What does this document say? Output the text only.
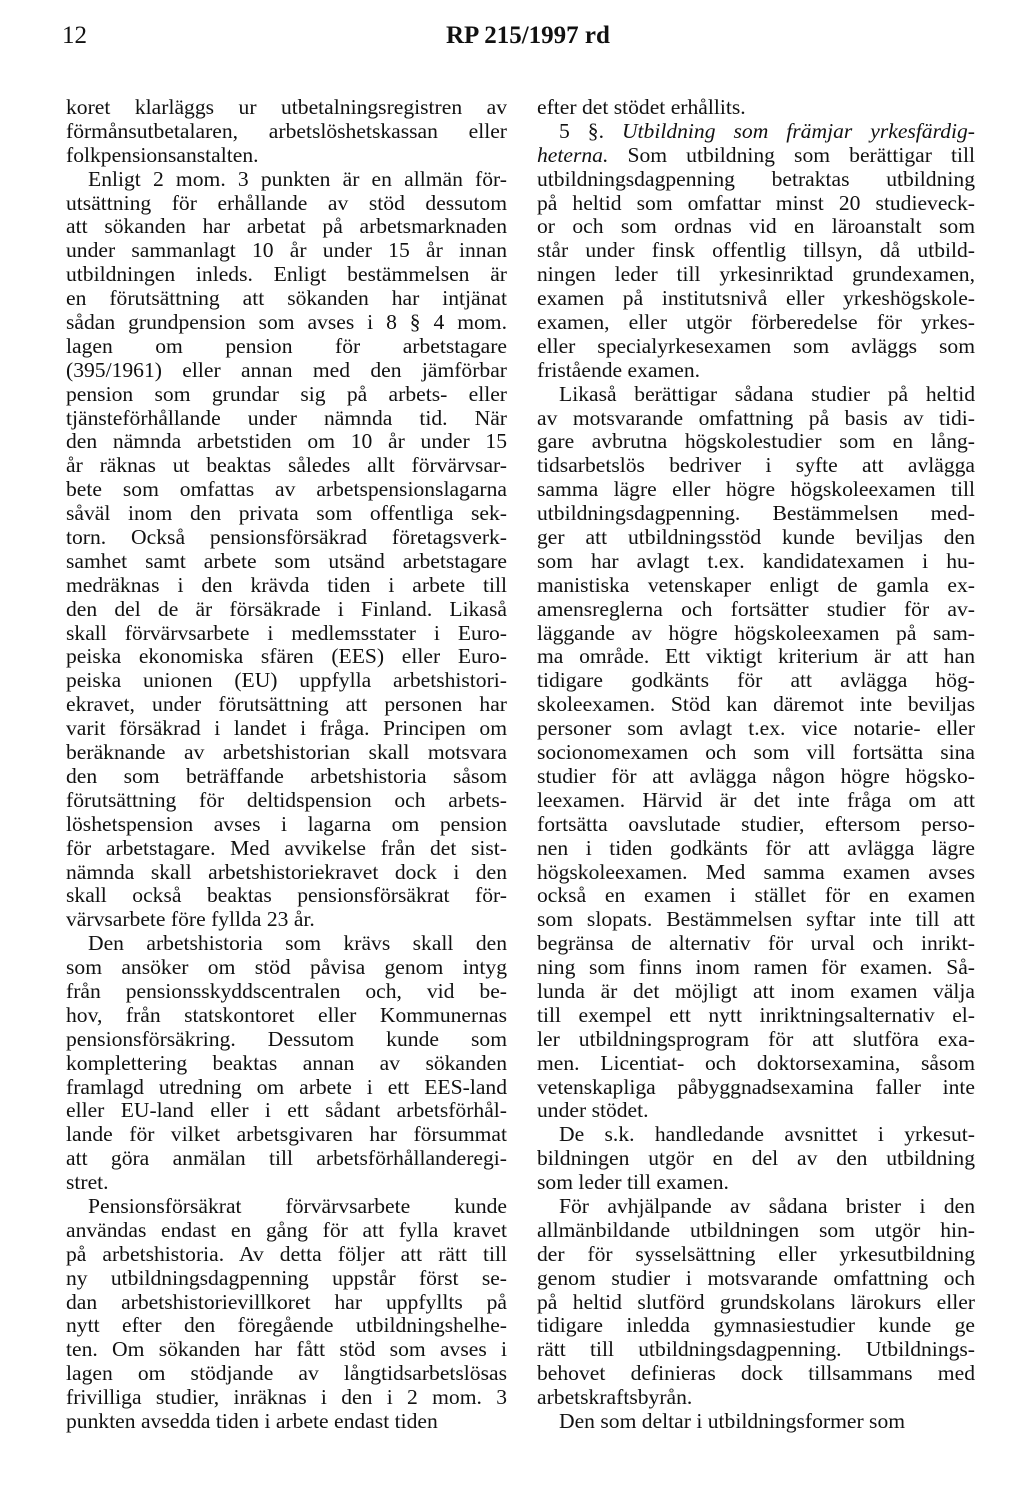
12	RP 215/1997 rd
koret klarläggs ur utbetalningsregistren av
förmånsutbetalaren, arbetslöshetskassan eller
folkpensionsanstalten.
Enligt 2 mom. 3 punkten är en allmän för-
utsättning för erhållande av stöd dessutom
att sökanden har arbetat på arbetsmarknaden
under sammanlagt 10 år under 15 år innan
utbildningen inleds. Enligt bestämmelsen är
en förutsättning att sökanden har intjänat
sådan grundpension som avses i 8 § 4 mom.
lagen om pension för arbetstagare
(395/1961) eller annan med den jämförbar
pension som grundar sig på arbets- eller
tjänsteförhållande under nämnda tid. När
den nämnda arbetstiden om 10 år under 15
år räknas ut beaktas således allt förvärvsar-
bete som omfattas av arbetspensionslagarna
såväl inom den privata som offentliga sek-
torn. Också pensionsförsäkrad företagsverk-
samhet samt arbete som utsänd arbetstagare
medräknas i den krävda tiden i arbete till
den del de är försäkrade i Finland. Likaså
skall förvärvsarbete i medlemsstater i Euro-
peiska ekonomiska sfären (EES) eller Euro-
peiska unionen (EU) uppfylla arbetshistori-
ekravet, under förutsättning att personen har
varit försäkrad i landet i fråga. Principen om
beräknande av arbetshistorian skall motsvara
den som beträffande arbetshistoria såsom
förutsättning för deltidspension och arbets-
löshetspension avses i lagarna om pension
för arbetstagare. Med avvikelse från det sist-
nämnda skall arbetshistoriekravet dock i den
skall också beaktas pensionsförsäkrat för-
värvsarbete före fyllda 23 år.
Den arbetshistoria som krävs skall den
som ansöker om stöd påvisa genom intyg
från pensionsskyddscentralen och, vid be-
hov, från statskontoret eller Kommunernas
pensionsförsäkring. Dessutom kunde som
komplettering beaktas annan av sökanden
framlagd utredning om arbete i ett EES-land
eller EU-land eller i ett sådant arbetsförhål-
lande för vilket arbetsgivaren har försummat
att göra anmälan till arbetsförhållanderegi-
stret.
Pensionsförsäkrat förvärvsarbete kunde
användas endast en gång för att fylla kravet
på arbetshistoria. Av detta följer att rätt till
ny utbildningsdagpenning uppstår först se-
dan arbetshistorievillkoret har uppfyllts på
nytt efter den föregående utbildningshelhe-
ten. Om sökanden har fått stöd som avses i
lagen om stödjande av långtidsarbetslösas
frivilliga studier, inräknas i den i 2 mom. 3
punkten avsedda tiden i arbete endast tiden
efter det stödet erhållits.
5 §. Utbildning som främjar yrkesfärdig-
heterna. Som utbildning som berättigar till
utbildningsdagpenning betraktas utbildning
på heltid som omfattar minst 20 studieveck-
or och som ordnas vid en läroanstalt som
står under finsk offentlig tillsyn, då utbild-
ningen leder till yrkesinriktad grundexamen,
examen på institutsnivå eller yrkeshögskole-
examen, eller utgör förberedelse för yrkes-
eller specialyrkesexamen som avläggs som
fristående examen.
Likaså berättigar sådana studier på heltid
av motsvarande omfattning på basis av tidi-
gare avbrutna högskolestudier som en lång-
tidsarbetslös bedriver i syfte att avlägga
samma lägre eller högre högskoleexamen till
utbildningsdagpenning. Bestämmelsen med-
ger att utbildningsstöd kunde beviljas den
som har avlagt t.ex. kandidatexamen i hu-
manistiska vetenskaper enligt de gamla ex-
amensreglerna och fortsätter studier för av-
läggande av högre högskoleexamen på sam-
ma område. Ett viktigt kriterium är att han
tidigare godkänts för att avlägga hög-
skoleexamen. Stöd kan däremot inte beviljas
personer som avlagt t.ex. vice notarie- eller
socionomexamen och som vill fortsätta sina
studier för att avlägga någon högre högsko-
leexamen. Härvid är det inte fråga om att
fortsätta oavslutade studier, eftersom perso-
nen i tiden godkänts för att avlägga lägre
högskoleexamen. Med samma examen avses
också en examen i stället för en examen
som slopats. Bestämmelsen syftar inte till att
begränsa de alternativ för urval och inrikt-
ning som finns inom ramen för examen. Så-
lunda är det möjligt att inom examen välja
till exempel ett nytt inriktningsalternativ el-
ler utbildningsprogram för att slutföra exa-
men. Licentiat- och doktorsexamina, såsom
vetenskapliga påbyggnadsexamina faller inte
under stödet.
De s.k. handledande avsnittet i yrkesut-
bildningen utgör en del av den utbildning
som leder till examen.
För avhjälpande av sådana brister i den
allmänbildande utbildningen som utgör hin-
der för sysselsättning eller yrkesutbildning
genom studier i motsvarande omfattning och
på heltid slutförd grundskolans lärokurs eller
tidigare inledda gymnasiestudier kunde ge
rätt till utbildningsdagpenning. Utbildnings-
behovet definieras dock tillsammans med
arbetskraftsbyrån.
Den som deltar i utbildningsformer som
